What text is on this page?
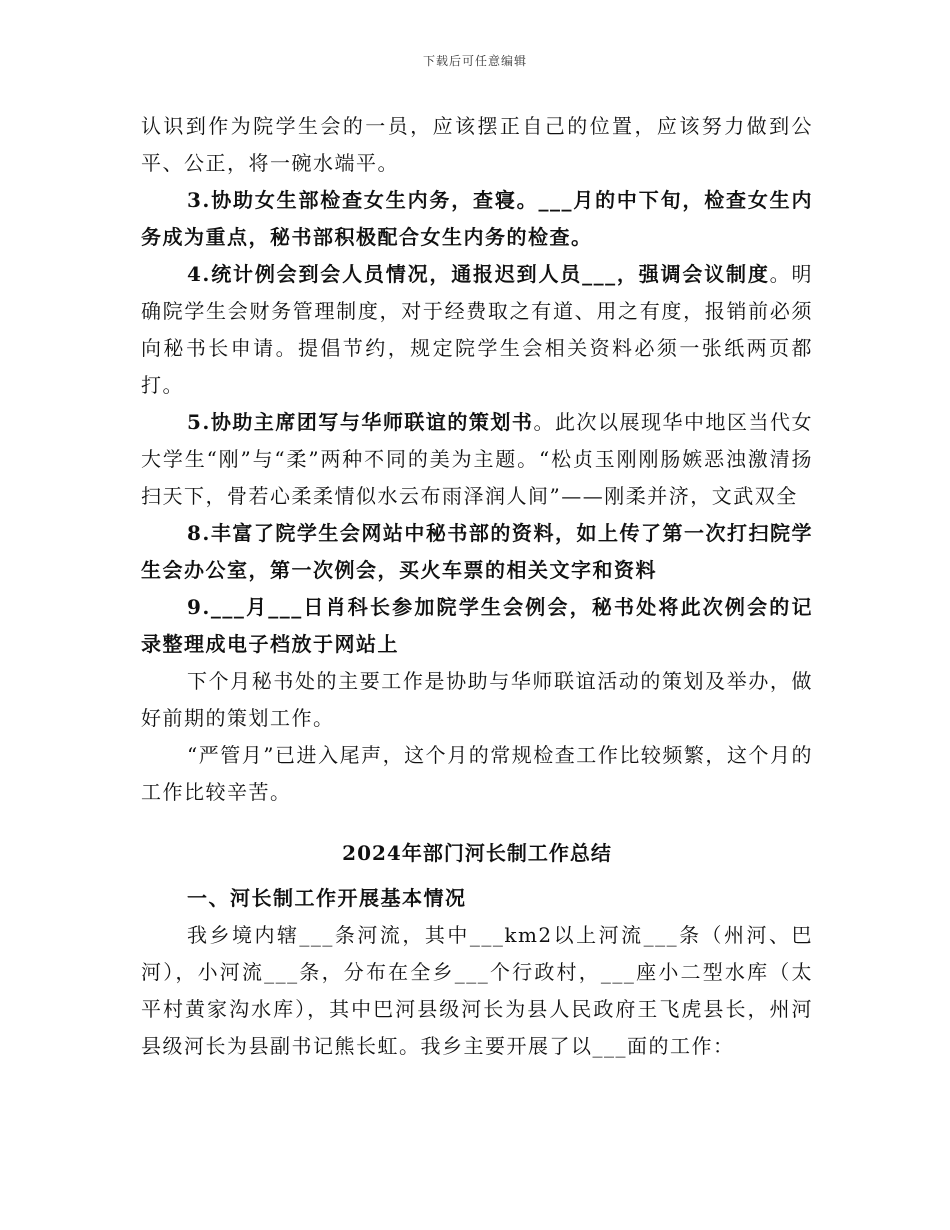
下载后可任意编辑

认识到作为院学生会的一员，应该摆正自己的位置，应该努力做到公平、公正，将一碗水端平。

3.协助女生部检查女生内务，查寝。___月的中下旬，检查女生内务成为重点，秘书部积极配合女生内务的检查。

4.统计例会到会人员情况，通报迟到人员___，强调会议制度。明确院学生会财务管理制度，对于经费取之有道、用之有度，报销前必须向秘书长申请。提倡节约，规定院学生会相关资料必须一张纸两页都打。

5.协助主席团写与华师联谊的策划书。此次以展现华中地区当代女大学生“刚”与“柔”两种不同的美为主题。“松贞玉刚刚肠嫉恶浊激清扬扫天下，骨若心柔柔情似水云布雨泽润人间”——刚柔并济，文武双全

8.丰富了院学生会网站中秘书部的资料，如上传了第一次打扫院学生会办公室，第一次例会，买火车票的相关文字和资料

9.___月___日肖科长参加院学生会例会，秘书处将此次例会的记录整理成电子档放于网站上

下个月秘书处的主要工作是协助与华师联谊活动的策划及举办，做好前期的策划工作。

“严管月”已进入尾声，这个月的常规检查工作比较频繁，这个月的工作比较辛苦。

2024年部门河长制工作总结
一、河长制工作开展基本情况

我乡境内辖___条河流，其中___km2以上河流___条（州河、巴河），小河流___条，分布在全乡___个行政村，___座小二型水库（太平村黄家沟水库），其中巴河县级河长为县人民政府王飞虎县长，州河县级河长为县副书记熊长虹。我乡主要开展了以___面的工作：
